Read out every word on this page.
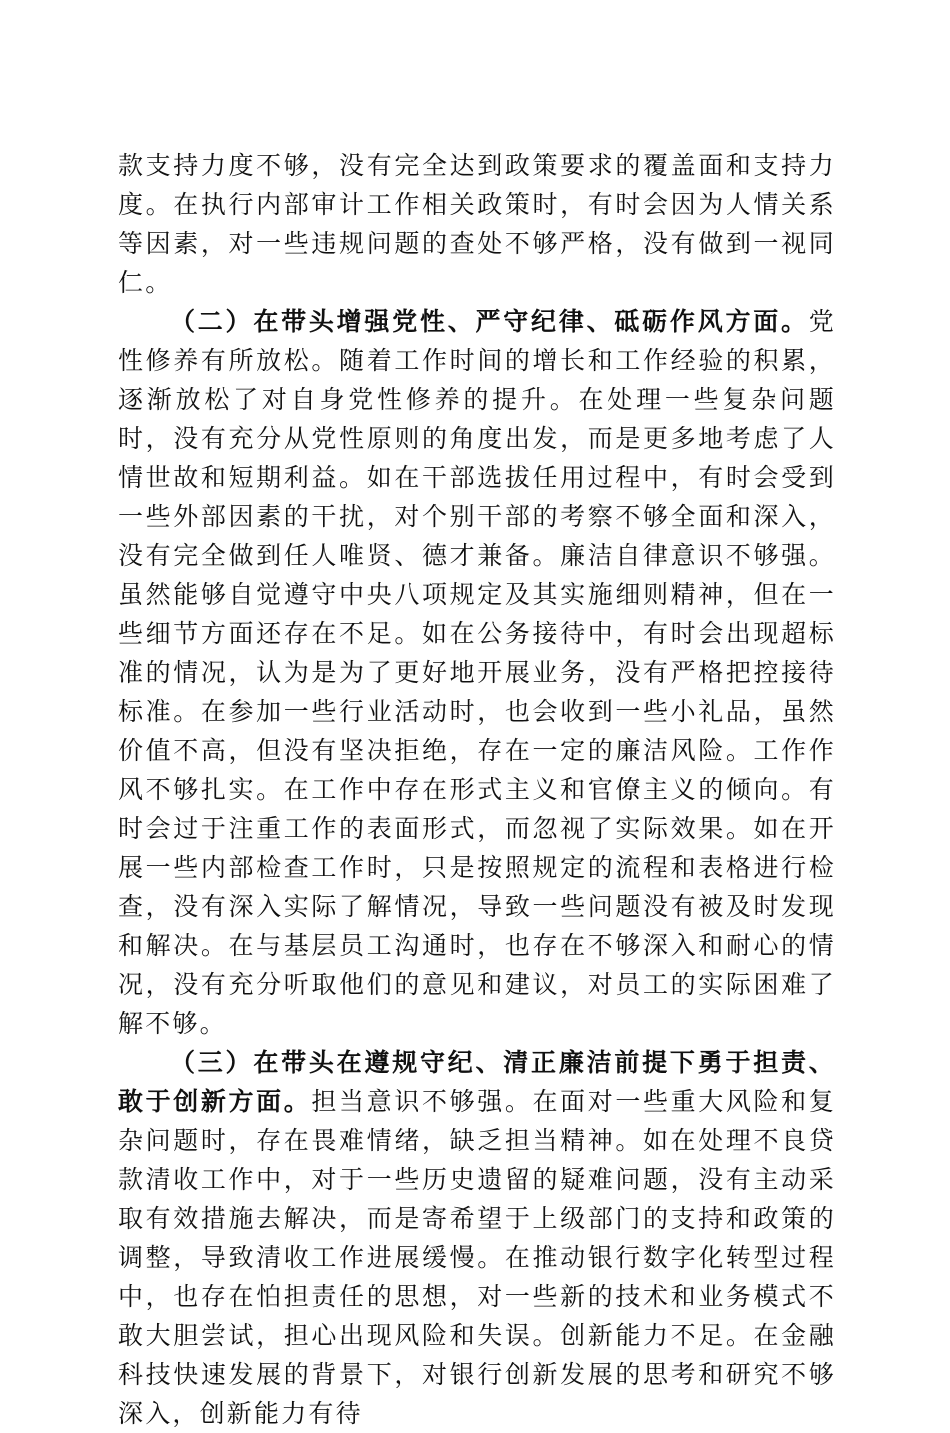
款支持力度不够，没有完全达到政策要求的覆盖面和支持力度。在执行内部审计工作相关政策时，有时会因为人情关系等因素，对一些违规问题的查处不够严格，没有做到一视同仁。

（二）在带头增强党性、严守纪律、砥砺作风方面。党性修养有所放松。随着工作时间的增长和工作经验的积累，逐渐放松了对自身党性修养的提升。在处理一些复杂问题时，没有充分从党性原则的角度出发，而是更多地考虑了人情世故和短期利益。如在干部选拔任用过程中，有时会受到一些外部因素的干扰，对个别干部的考察不够全面和深入，没有完全做到任人唯贤、德才兼备。廉洁自律意识不够强。虽然能够自觉遵守中央八项规定及其实施细则精神，但在一些细节方面还存在不足。如在公务接待中，有时会出现超标准的情况，认为是为了更好地开展业务，没有严格把控接待标准。在参加一些行业活动时，也会收到一些小礼品，虽然价值不高，但没有坚决拒绝，存在一定的廉洁风险。工作作风不够扎实。在工作中存在形式主义和官僚主义的倾向。有时会过于注重工作的表面形式，而忽视了实际效果。如在开展一些内部检查工作时，只是按照规定的流程和表格进行检查，没有深入实际了解情况，导致一些问题没有被及时发现和解决。在与基层员工沟通时，也存在不够深入和耐心的情况，没有充分听取他们的意见和建议，对员工的实际困难了解不够。

（三）在带头在遵规守纪、清正廉洁前提下勇于担责、敢于创新方面。担当意识不够强。在面对一些重大风险和复杂问题时，存在畏难情绪，缺乏担当精神。如在处理不良贷款清收工作中，对于一些历史遗留的疑难问题，没有主动采取有效措施去解决，而是寄希望于上级部门的支持和政策的调整，导致清收工作进展缓慢。在推动银行数字化转型过程中，也存在怕担责任的思想，对一些新的技术和业务模式不敢大胆尝试，担心出现风险和失误。创新能力不足。在金融科技快速发展的背景下，对银行创新发展的思考和研究不够深入，创新能力有待
